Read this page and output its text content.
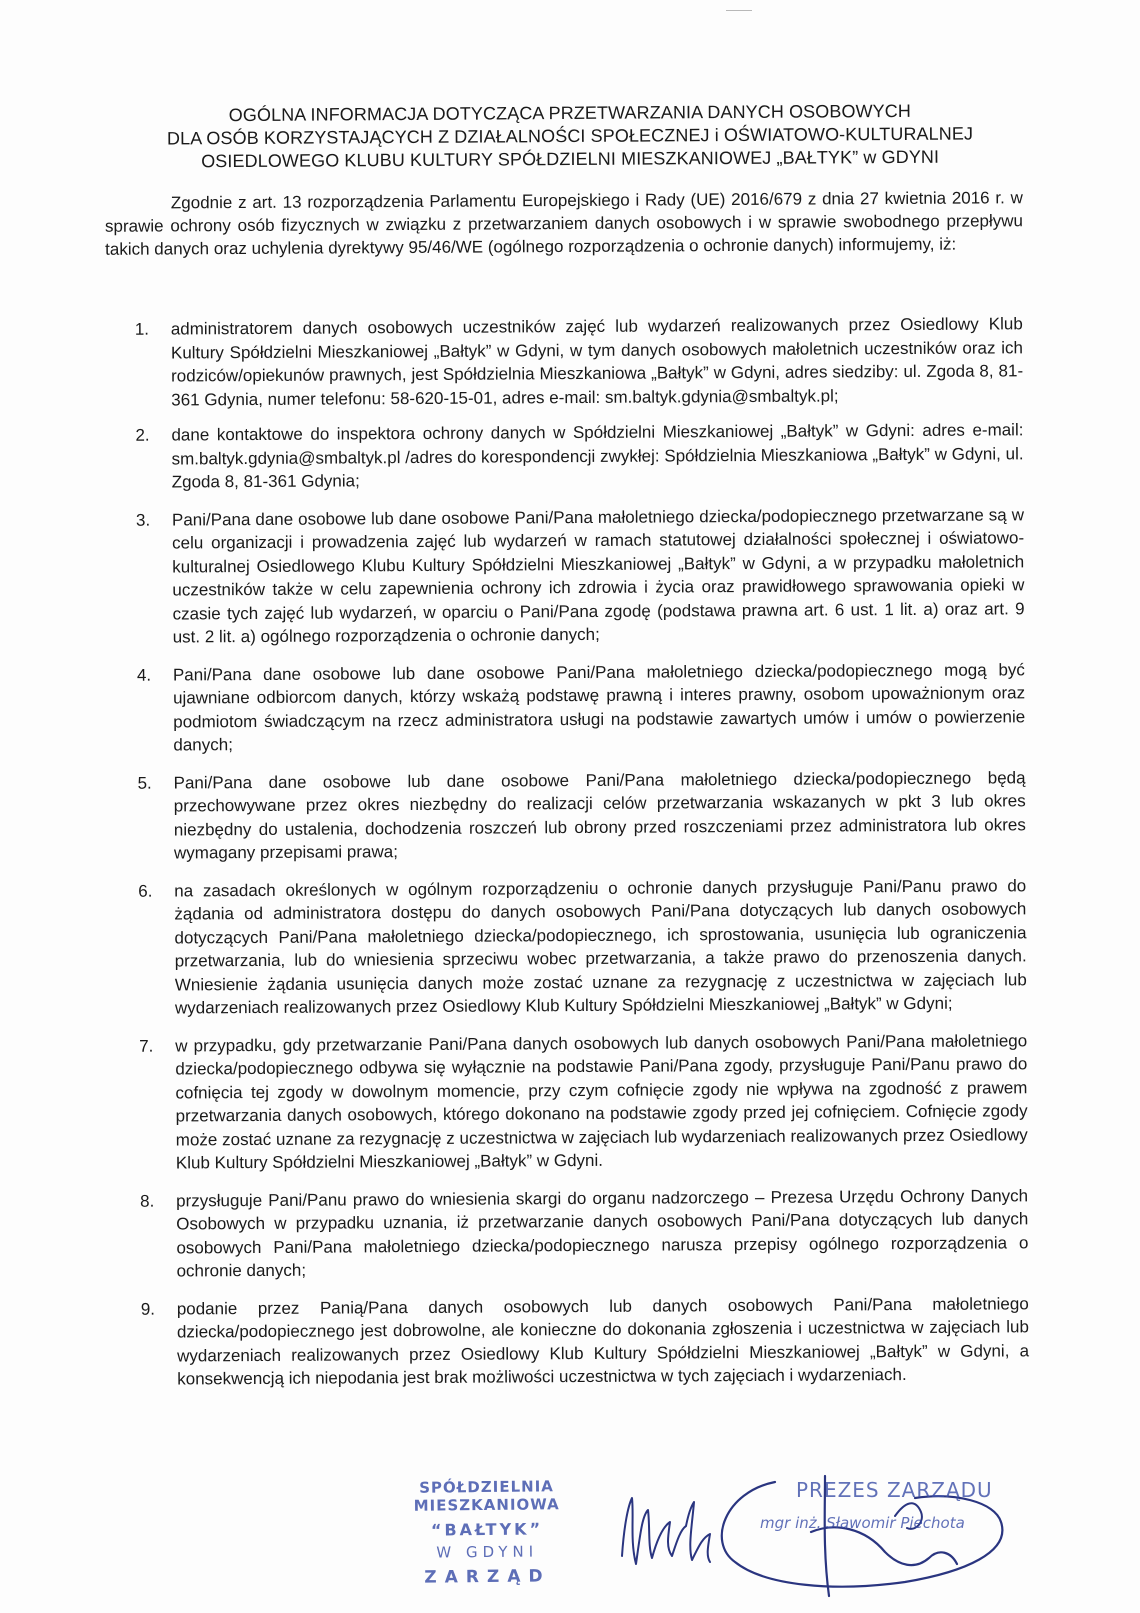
OGÓLNA INFORMACJA DOTYCZĄCA PRZETWARZANIA DANYCH OSOBOWYCH
DLA OSÓB KORZYSTAJĄCYCH Z DZIAŁALNOŚCI SPOŁECZNEJ i OŚWIATOWO-KULTURALNEJ
OSIEDLOWEGO KLUBU KULTURY SPÓŁDZIELNI MIESZKANIOWEJ „BAŁTYK” w GDYNI

Zgodnie z art. 13 rozporządzenia Parlamentu Europejskiego i Rady (UE) 2016/679 z dnia 27 kwietnia 2016 r. w sprawie ochrony osób fizycznych w związku z przetwarzaniem danych osobowych i w sprawie swobodnego przepływu takich danych oraz uchylenia dyrektywy 95/46/WE (ogólnego rozporządzenia o ochronie danych) informujemy, iż:

1. administratorem danych osobowych uczestników zajęć lub wydarzeń realizowanych przez Osiedlowy Klub Kultury Spółdzielni Mieszkaniowej „Bałtyk” w Gdyni, w tym danych osobowych małoletnich uczestników oraz ich rodziców/opiekunów prawnych, jest Spółdzielnia Mieszkaniowa „Bałtyk” w Gdyni, adres siedziby: ul. Zgoda 8, 81-361 Gdynia, numer telefonu: 58-620-15-01, adres e-mail: sm.baltyk.gdynia@smbaltyk.pl;
2. dane kontaktowe do inspektora ochrony danych w Spółdzielni Mieszkaniowej „Bałtyk” w Gdyni: adres e-mail: sm.baltyk.gdynia@smbaltyk.pl /adres do korespondencji zwykłej: Spółdzielnia Mieszkaniowa „Bałtyk” w Gdyni, ul. Zgoda 8, 81-361 Gdynia;
3. Pani/Pana dane osobowe lub dane osobowe Pani/Pana małoletniego dziecka/podopiecznego przetwarzane są w celu organizacji i prowadzenia zajęć lub wydarzeń w ramach statutowej działalności społecznej i oświatowo-kulturalnej Osiedlowego Klubu Kultury Spółdzielni Mieszkaniowej „Bałtyk” w Gdyni, a w przypadku małoletnich uczestników także w celu zapewnienia ochrony ich zdrowia i życia oraz prawidłowego sprawowania opieki w czasie tych zajęć lub wydarzeń, w oparciu o Pani/Pana zgodę (podstawa prawna art. 6 ust. 1 lit. a) oraz art. 9 ust. 2 lit. a) ogólnego rozporządzenia o ochronie danych;
4. Pani/Pana dane osobowe lub dane osobowe Pani/Pana małoletniego dziecka/podopiecznego mogą być ujawniane odbiorcom danych, którzy wskażą podstawę prawną i interes prawny, osobom upoważnionym oraz podmiotom świadczącym na rzecz administratora usługi na podstawie zawartych umów i umów o powierzenie danych;
5. Pani/Pana dane osobowe lub dane osobowe Pani/Pana małoletniego dziecka/podopiecznego będą przechowywane przez okres niezbędny do realizacji celów przetwarzania wskazanych w pkt 3 lub okres niezbędny do ustalenia, dochodzenia roszczeń lub obrony przed roszczeniami przez administratora lub okres wymagany przepisami prawa;
6. na zasadach określonych w ogólnym rozporządzeniu o ochronie danych przysługuje Pani/Panu prawo do żądania od administratora dostępu do danych osobowych Pani/Pana dotyczących lub danych osobowych dotyczących Pani/Pana małoletniego dziecka/podopiecznego, ich sprostowania, usunięcia lub ograniczenia przetwarzania, lub do wniesienia sprzeciwu wobec przetwarzania, a także prawo do przenoszenia danych. Wniesienie żądania usunięcia danych może zostać uznane za rezygnację z uczestnictwa w zajęciach lub wydarzeniach realizowanych przez Osiedlowy Klub Kultury Spółdzielni Mieszkaniowej „Bałtyk” w Gdyni;
7. w przypadku, gdy przetwarzanie Pani/Pana danych osobowych lub danych osobowych Pani/Pana małoletniego dziecka/podopiecznego odbywa się wyłącznie na podstawie Pani/Pana zgody, przysługuje Pani/Panu prawo do cofnięcia tej zgody w dowolnym momencie, przy czym cofnięcie zgody nie wpływa na zgodność z prawem przetwarzania danych osobowych, którego dokonano na podstawie zgody przed jej cofnięciem. Cofnięcie zgody może zostać uznane za rezygnację z uczestnictwa w zajęciach lub wydarzeniach realizowanych przez Osiedlowy Klub Kultury Spółdzielni Mieszkaniowej „Bałtyk” w Gdyni.
8. przysługuje Pani/Panu prawo do wniesienia skargi do organu nadzorczego – Prezesa Urzędu Ochrony Danych Osobowych w przypadku uznania, iż przetwarzanie danych osobowych Pani/Pana dotyczących lub danych osobowych Pani/Pana małoletniego dziecka/podopiecznego narusza przepisy ogólnego rozporządzenia o ochronie danych;
9. podanie przez Panią/Pana danych osobowych lub danych osobowych Pani/Pana małoletniego dziecka/podopiecznego jest dobrowolne, ale konieczne do dokonania zgłoszenia i uczestnictwa w zajęciach lub wydarzeniach realizowanych przez Osiedlowy Klub Kultury Spółdzielni Mieszkaniowej „Bałtyk” w Gdyni, a konsekwencją ich niepodania jest brak możliwości uczestnictwa w tych zajęciach i wydarzeniach.
SPÓŁDZIELNIA MIESZKANIOWA
“BAŁTYK”
W GDYNI
ZARZĄD
PREZES ZARZĄDU
mgr inż. Sławomir Piechota
